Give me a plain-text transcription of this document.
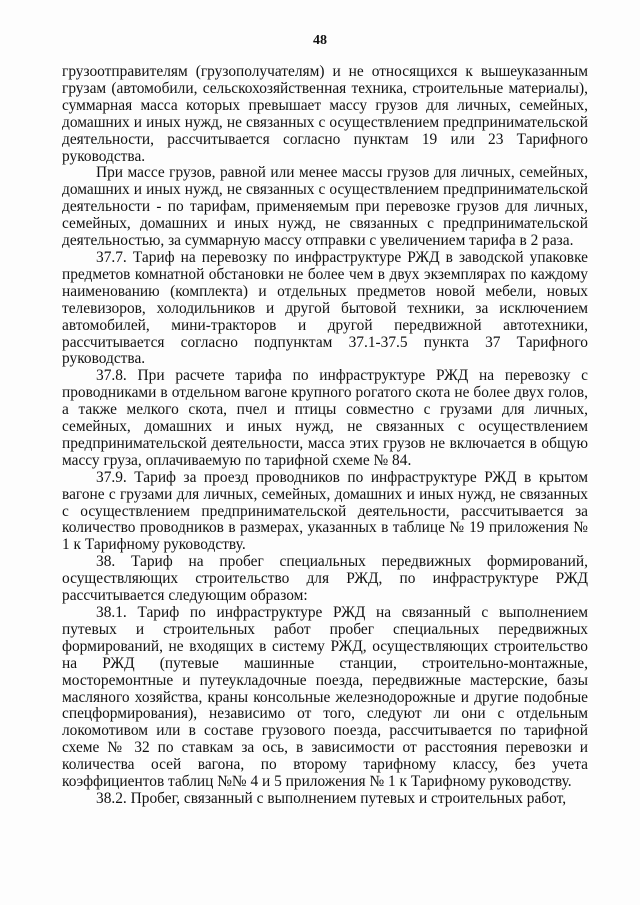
48

грузоотправителям (грузополучателям) и не относящихся к вышеуказанным грузам (автомобили, сельскохозяйственная техника, строительные материалы), суммарная масса которых превышает массу грузов для личных, семейных, домашних и иных нужд, не связанных с осуществлением предпринимательской деятельности, рассчитывается согласно пунктам 19 или 23 Тарифного руководства.

При массе грузов, равной или менее массы грузов для личных, семейных, домашних и иных нужд, не связанных с осуществлением предпринимательской деятельности - по тарифам, применяемым при перевозке грузов для личных, семейных, домашних и иных нужд, не связанных с предпринимательской деятельностью, за суммарную массу отправки с увеличением тарифа в 2 раза.

37.7. Тариф на перевозку по инфраструктуре РЖД в заводской упаковке предметов комнатной обстановки не более чем в двух экземплярах по каждому наименованию (комплекта) и отдельных предметов новой мебели, новых телевизоров, холодильников и другой бытовой техники, за исключением автомобилей, мини-тракторов и другой передвижной автотехники, рассчитывается согласно подпунктам 37.1-37.5 пункта 37 Тарифного руководства.

37.8. При расчете тарифа по инфраструктуре РЖД на перевозку с проводниками в отдельном вагоне крупного рогатого скота не более двух голов, а также мелкого скота, пчел и птицы совместно с грузами для личных, семейных, домашних и иных нужд, не связанных с осуществлением предпринимательской деятельности, масса этих грузов не включается в общую массу груза, оплачиваемую по тарифной схеме № 84.

37.9. Тариф за проезд проводников по инфраструктуре РЖД в крытом вагоне с грузами для личных, семейных, домашних и иных нужд, не связанных с осуществлением предпринимательской деятельности, рассчитывается за количество проводников в размерах, указанных в таблице № 19 приложения № 1 к Тарифному руководству.

38. Тариф на пробег специальных передвижных формирований, осуществляющих строительство для РЖД, по инфраструктуре РЖД рассчитывается следующим образом:

38.1. Тариф по инфраструктуре РЖД на связанный с выполнением путевых и строительных работ пробег специальных передвижных формирований, не входящих в систему РЖД, осуществляющих строительство на РЖД (путевые машинные станции, строительно-монтажные, мосторемонтные и путеукладочные поезда, передвижные мастерские, базы масляного хозяйства, краны консольные железнодорожные и другие подобные спецформирования), независимо от того, следуют ли они с отдельным локомотивом или в составе грузового поезда, рассчитывается по тарифной схеме № 32 по ставкам за ось, в зависимости от расстояния перевозки и количества осей вагона, по второму тарифному классу, без учета коэффициентов таблиц №№ 4 и 5 приложения № 1 к Тарифному руководству.

38.2. Пробег, связанный с выполнением путевых и строительных работ,
